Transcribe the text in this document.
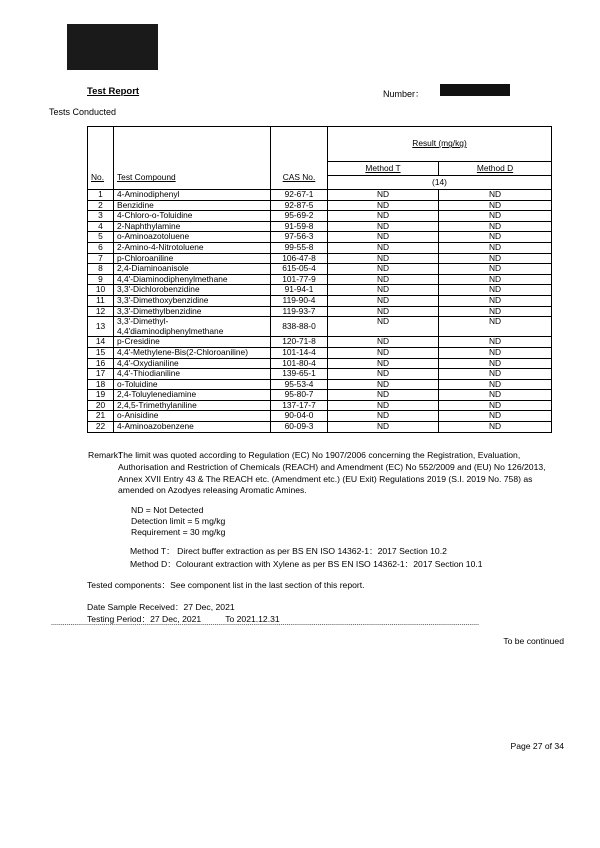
Test Report	Number：
Tests Conducted
No.	Test Compound	CAS No.	Result (mg/kg)	
			Method T	Method D
			(14)	
1	4-Aminodiphenyl	92-67-1	ND	ND
2	Benzidine	92-87-5	ND	ND
3	4-Chloro-o-Toluidine	95-69-2	ND	ND
4	2-Naphthylamine	91-59-8	ND	ND
5	o-Aminoazotoluene	97-56-3	ND	ND
6	2-Amino-4-Nitrotoluene	99-55-8	ND	ND
7	p-Chloroaniline	106-47-8	ND	ND
8	2,4-Diaminoanisole	615-05-4	ND	ND
9	4,4'-Diaminodiphenylmethane	101-77-9	ND	ND
10	3,3'-Dichlorobenzidine	91-94-1	ND	ND
11	3,3'-Dimethoxybenzidine	119-90-4	ND	ND
12	3,3'-Dimethylbenzidine	119-93-7	ND	ND
13	3,3'-Dimethyl-
4,4'diaminodiphenylmethane	838-88-0	ND	ND
14	p-Cresidine	120-71-8	ND	ND
15	4,4'-Methylene-Bis(2-Chloroaniline)	101-14-4	ND	ND
16	4,4'-Oxydianiline	101-80-4	ND	ND
17	4,4'-Thiodianiline	139-65-1	ND	ND
18	o-Toluidine	95-53-4	ND	ND
19	2,4-Toluylenediamine	95-80-7	ND	ND
20	2,4,5-Trimethylaniline	137-17-7	ND	ND
21	o-Anisidine	90-04-0	ND	ND
22	4-Aminoazobenzene	60-09-3	ND	ND
Remark：
The limit was quoted according to Regulation (EC) No 1907/2006 concerning the Registration, Evaluation, Authorisation and Restriction of Chemicals (REACH) and Amendment (EC) No 552/2009 and (EU) No 126/2013, Annex XVII Entry 43 & The REACH etc. (Amendment etc.) (EU Exit) Regulations 2019 (S.I. 2019 No. 758) as amended on Azodyes releasing Aromatic Amines.
ND = Not Detected
Detection limit = 5 mg/kg
Requirement = 30 mg/kg
Method T： Direct buffer extraction as per BS EN ISO 14362-1：2017 Section 10.2
Method D：Colourant extraction with Xylene as per BS EN ISO 14362-1：2017 Section 10.1
Tested components：See component list in the last section of this report.
Date Sample Received：27 Dec, 2021
Testing Period：27 Dec, 2021	To 2021.12.31
****************************************************************************************************************************************************************************************************************************
To be continued
Page 27 of 34
